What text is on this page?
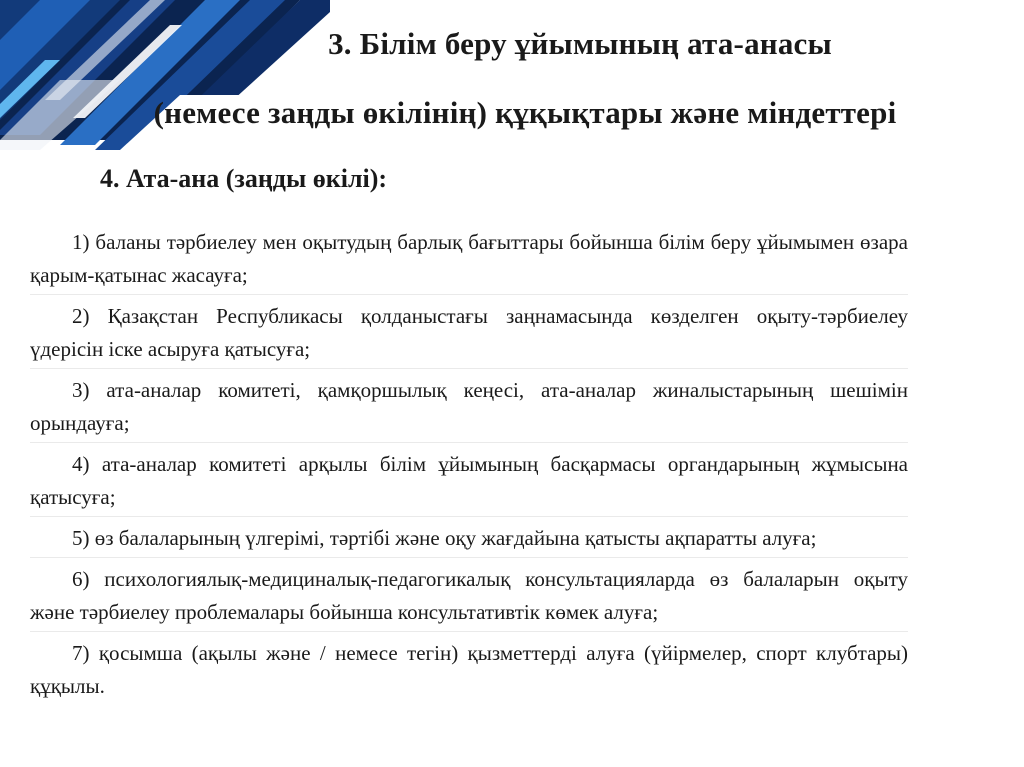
3. Білім беру ұйымының ата-анасы
(немесе заңды өкілінің) құқықтары және міндеттері
4. Ата-ана (заңды өкілі):

1) баланы тәрбиелеу мен оқытудың барлық бағыттары бойынша білім беру ұйымымен өзара қарым-қатынас жасауға;

2) Қазақстан Республикасы қолданыстағы заңнамасында көзделген оқыту-тәрбиелеу үдерісін іске асыруға қатысуға;

3) ата-аналар комитеті, қамқоршылық кеңесі, ата-аналар жиналыстарының шешімін орындауға;

4) ата-аналар комитеті арқылы білім ұйымының басқармасы органдарының жұмысына қатысуға;

5) өз балаларының үлгерімі, тәртібі және оқу жағдайына қатысты ақпаратты алуға;

6) психологиялық-медициналық-педагогикалық консультацияларда өз балаларын оқыту және тәрбиелеу проблемалары бойынша консультативтік көмек алуға;

7) қосымша (ақылы және / немесе тегін) қызметтерді алуға (үйірмелер, спорт клубтары) құқылы.
